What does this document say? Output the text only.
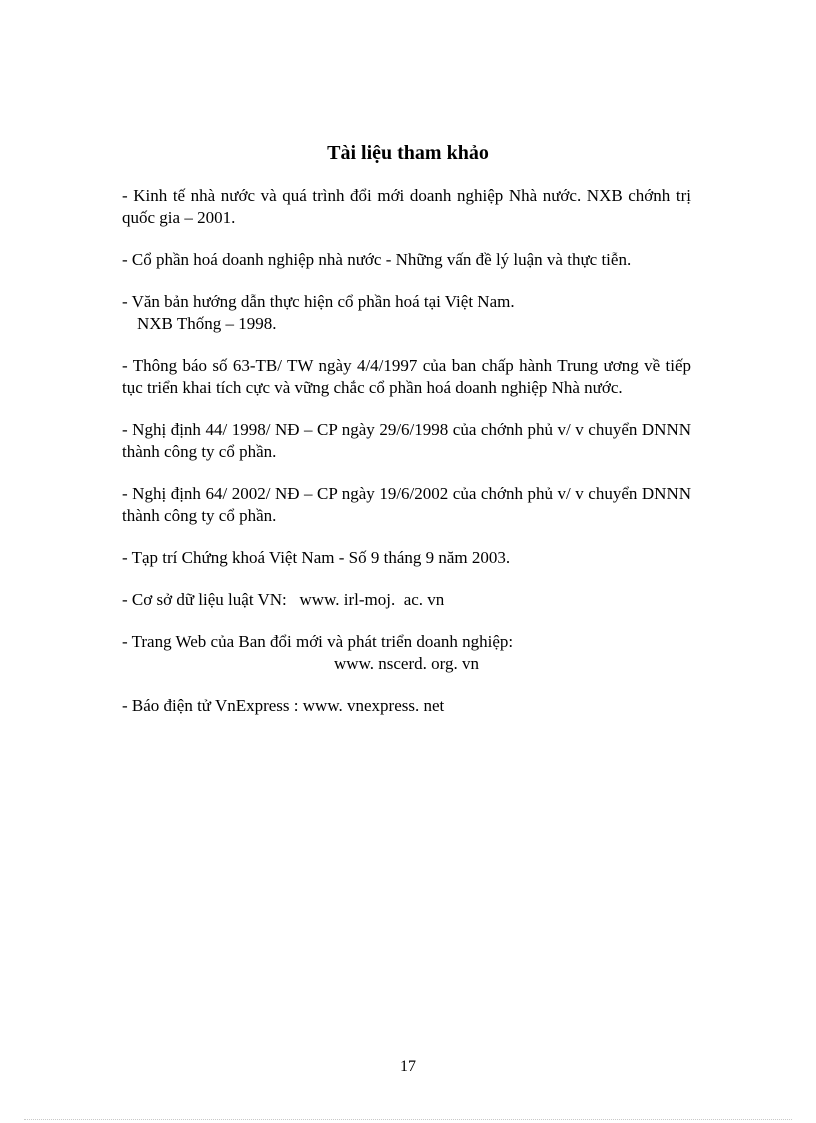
Tài liệu tham khảo

- Kinh tế nhà nước và quá trình đổi mới doanh nghiệp Nhà nước. NXB chớnh trị quốc gia – 2001.

- Cổ phần hoá doanh nghiệp nhà nước - Những vấn đề lý luận và thực tiễn.

- Văn bản hướng dẫn thực hiện cổ phần hoá tại Việt Nam.
NXB Thống – 1998.

- Thông báo số 63-TB/ TW ngày 4/4/1997 của ban chấp hành Trung ương về tiếp tục triển khai tích cực và vững chắc cổ phần hoá doanh nghiệp Nhà nước.

- Nghị định 44/ 1998/ NĐ – CP ngày 29/6/1998 của chớnh phủ v/ v chuyển DNNN thành công ty cổ phần.

- Nghị định 64/ 2002/ NĐ – CP ngày 19/6/2002 của chớnh phủ v/ v chuyển DNNN thành công ty cổ phần.

- Tạp trí Chứng khoá Việt Nam - Số 9 tháng 9 năm 2003.

- Cơ sở dữ liệu luật VN:   www. irl-moj.  ac. vn

- Trang Web của Ban đổi mới và phát triển doanh nghiệp:
www. nscerd. org. vn

- Báo điện tử VnExpress : www. vnexpress. net

17
